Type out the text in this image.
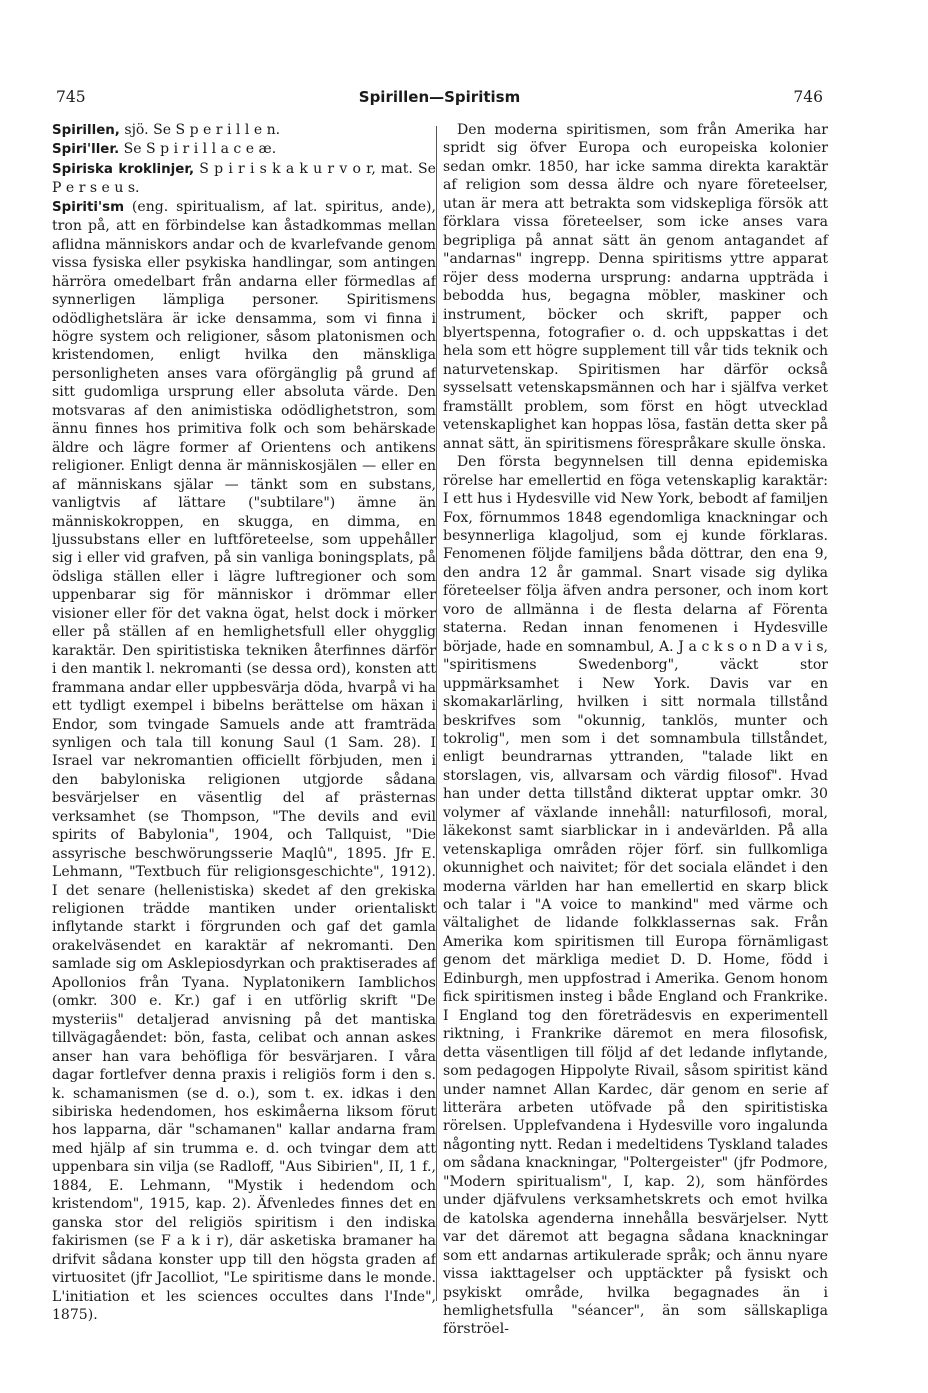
745	Spirillen—Spiritism	746

Spirillen, sjö. Se S p e r i l l e n.

Spiri'ller. Se S p i r i l l a c e æ.

Spiriska kroklinjer, S p i r i s k a k u r v o r, mat. Se P e r s e u s.

Spiriti'sm (eng. spiritualism, af lat. spiritus, ande), tron på, att en förbindelse kan åstadkommas mellan aflidna människors andar och de kvarlefvande genom vissa fysiska eller psykiska handlingar, som antingen härröra omedelbart från andarna eller förmedlas af synnerligen lämpliga personer. Spiritismens odödlighetslära är icke densamma, som vi finna i högre system och religioner, såsom platonismen och kristendomen, enligt hvilka den mänskliga personligheten anses vara oförgänglig på grund af sitt gudomliga ursprung eller absoluta värde. Den motsvaras af den animistiska odödlighetstron, som ännu finnes hos primitiva folk och som behärskade äldre och lägre former af Orientens och antikens religioner. Enligt denna är människosjälen — eller en af människans själar — tänkt som en substans, vanligtvis af lättare ("subtilare") ämne än människokroppen, en skugga, en dimma, en ljussubstans eller en luftföreteelse, som uppehåller sig i eller vid grafven, på sin vanliga boningsplats, på ödsliga ställen eller i lägre luftregioner och som uppenbarar sig för människor i drömmar eller visioner eller för det vakna ögat, helst dock i mörker eller på ställen af en hemlighetsfull eller ohygglig karaktär. Den spiritistiska tekniken återfinnes därför i den mantik l. nekromanti (se dessa ord), konsten att frammana andar eller uppbesvärja döda, hvarpå vi ha ett tydligt exempel i bibelns berättelse om häxan i Endor, som tvingade Samuels ande att framträda synligen och tala till konung Saul (1 Sam. 28). I Israel var nekromantien officiellt förbjuden, men i den babyloniska religionen utgjorde sådana besvärjelser en väsentlig del af prästernas verksamhet (se Thompson, "The devils and evil spirits of Babylonia", 1904, och Tallquist, "Die assyrische beschwörungsserie Maqlû", 1895. Jfr E. Lehmann, "Textbuch für religionsgeschichte", 1912). I det senare (hellenistiska) skedet af den grekiska religionen trädde mantiken under orientaliskt inflytande starkt i förgrunden och gaf det gamla orakelväsendet en karaktär af nekromanti. Den samlade sig om Asklepiosdyrkan och praktiserades af Apollonios från Tyana. Nyplatonikern Iamblichos (omkr. 300 e. Kr.) gaf i en utförlig skrift "De mysteriis" detaljerad anvisning på det mantiska tillvägagåendet: bön, fasta, celibat och annan askes anser han vara behöfliga för besvärjaren. I våra dagar fortlefver denna praxis i religiös form i den s. k. schamanismen (se d. o.), som t. ex. idkas i den sibiriska hedendomen, hos eskimåerna liksom förut hos lapparna, där "schamanen" kallar andarna fram med hjälp af sin trumma e. d. och tvingar dem att uppenbara sin vilja (se Radloff, "Aus Sibirien", II, 1 f., 1884, E. Lehmann, "Mystik i hedendom och kristendom", 1915, kap. 2). Äfvenledes finnes det en ganska stor del religiös spiritism i den indiska fakirismen (se F a k i r), där asketiska bramaner ha drifvit sådana konster upp till den högsta graden af virtuositet (jfr Jacolliot, "Le spiritisme dans le monde. L'initiation et les sciences occultes dans l'Inde", 1875).

Den moderna spiritismen, som från Amerika har spridt sig öfver Europa och europeiska kolonier sedan omkr. 1850, har icke samma direkta karaktär af religion som dessa äldre och nyare företeelser, utan är mera att betrakta som vidskepliga försök att förklara vissa företeelser, som icke anses vara begripliga på annat sätt än genom antagandet af "andarnas" ingrepp. Denna spiritisms yttre apparat röjer dess moderna ursprung: andarna uppträda i bebodda hus, begagna möbler, maskiner och instrument, böcker och skrift, papper och blyertspenna, fotografier o. d. och uppskattas i det hela som ett högre supplement till vår tids teknik och naturvetenskap. Spiritismen har därför också sysselsatt vetenskapsmännen och har i själfva verket framställt problem, som först en högt utvecklad vetenskaplighet kan hoppas lösa, fastän detta sker på annat sätt, än spiritismens förespråkare skulle önska.

Den första begynnelsen till denna epidemiska rörelse har emellertid en föga vetenskaplig karaktär: I ett hus i Hydesville vid New York, bebodt af familjen Fox, förnummos 1848 egendomliga knackningar och besynnerliga klagoljud, som ej kunde förklaras. Fenomenen följde familjens båda döttrar, den ena 9, den andra 12 år gammal. Snart visade sig dylika företeelser följa äfven andra personer, och inom kort voro de allmänna i de flesta delarna af Förenta staterna. Redan innan fenomenen i Hydesville började, hade en somnambul, A. J a c k s o n D a v i s, "spiritismens Swedenborg", väckt stor uppmärksamhet i New York. Davis var en skomakarlärling, hvilken i sitt normala tillstånd beskrifves som "okunnig, tanklös, munter och tokrolig", men som i det somnambula tillståndet, enligt beundrarnas yttranden, "talade likt en storslagen, vis, allvarsam och värdig filosof". Hvad han under detta tillstånd dikterat upptar omkr. 30 volymer af växlande innehåll: naturfilosofi, moral, läkekonst samt siarblickar in i andevärlden. På alla vetenskapliga områden röjer förf. sin fullkomliga okunnighet och naivitet; för det sociala eländet i den moderna världen har han emellertid en skarp blick och talar i "A voice to mankind" med värme och vältalighet de lidande folkklassernas sak. Från Amerika kom spiritismen till Europa förnämligast genom det märkliga mediet D. D. Home, född i Edinburgh, men uppfostrad i Amerika. Genom honom fick spiritismen insteg i både England och Frankrike. I England tog den företrädesvis en experimentell riktning, i Frankrike däremot en mera filosofisk, detta väsentligen till följd af det ledande inflytande, som pedagogen Hippolyte Rivail, såsom spiritist känd under namnet Allan Kardec, där genom en serie af litterära arbeten utöfvade på den spiritistiska rörelsen. Upplefvandena i Hydesville voro ingalunda någonting nytt. Redan i medeltidens Tyskland talades om sådana knackningar, "Poltergeister" (jfr Podmore, "Modern spiritualism", I, kap. 2), som hänfördes under djäfvulens verksamhetskrets och emot hvilka de katolska agenderna innehålla besvärjelser. Nytt var det däremot att begagna sådana knackningar som ett andarnas artikulerade språk; och ännu nyare vissa iakttagelser och upptäckter på fysiskt och psykiskt område, hvilka begagnades än i hemlighetsfulla "séancer", än som sällskapliga förströel-
